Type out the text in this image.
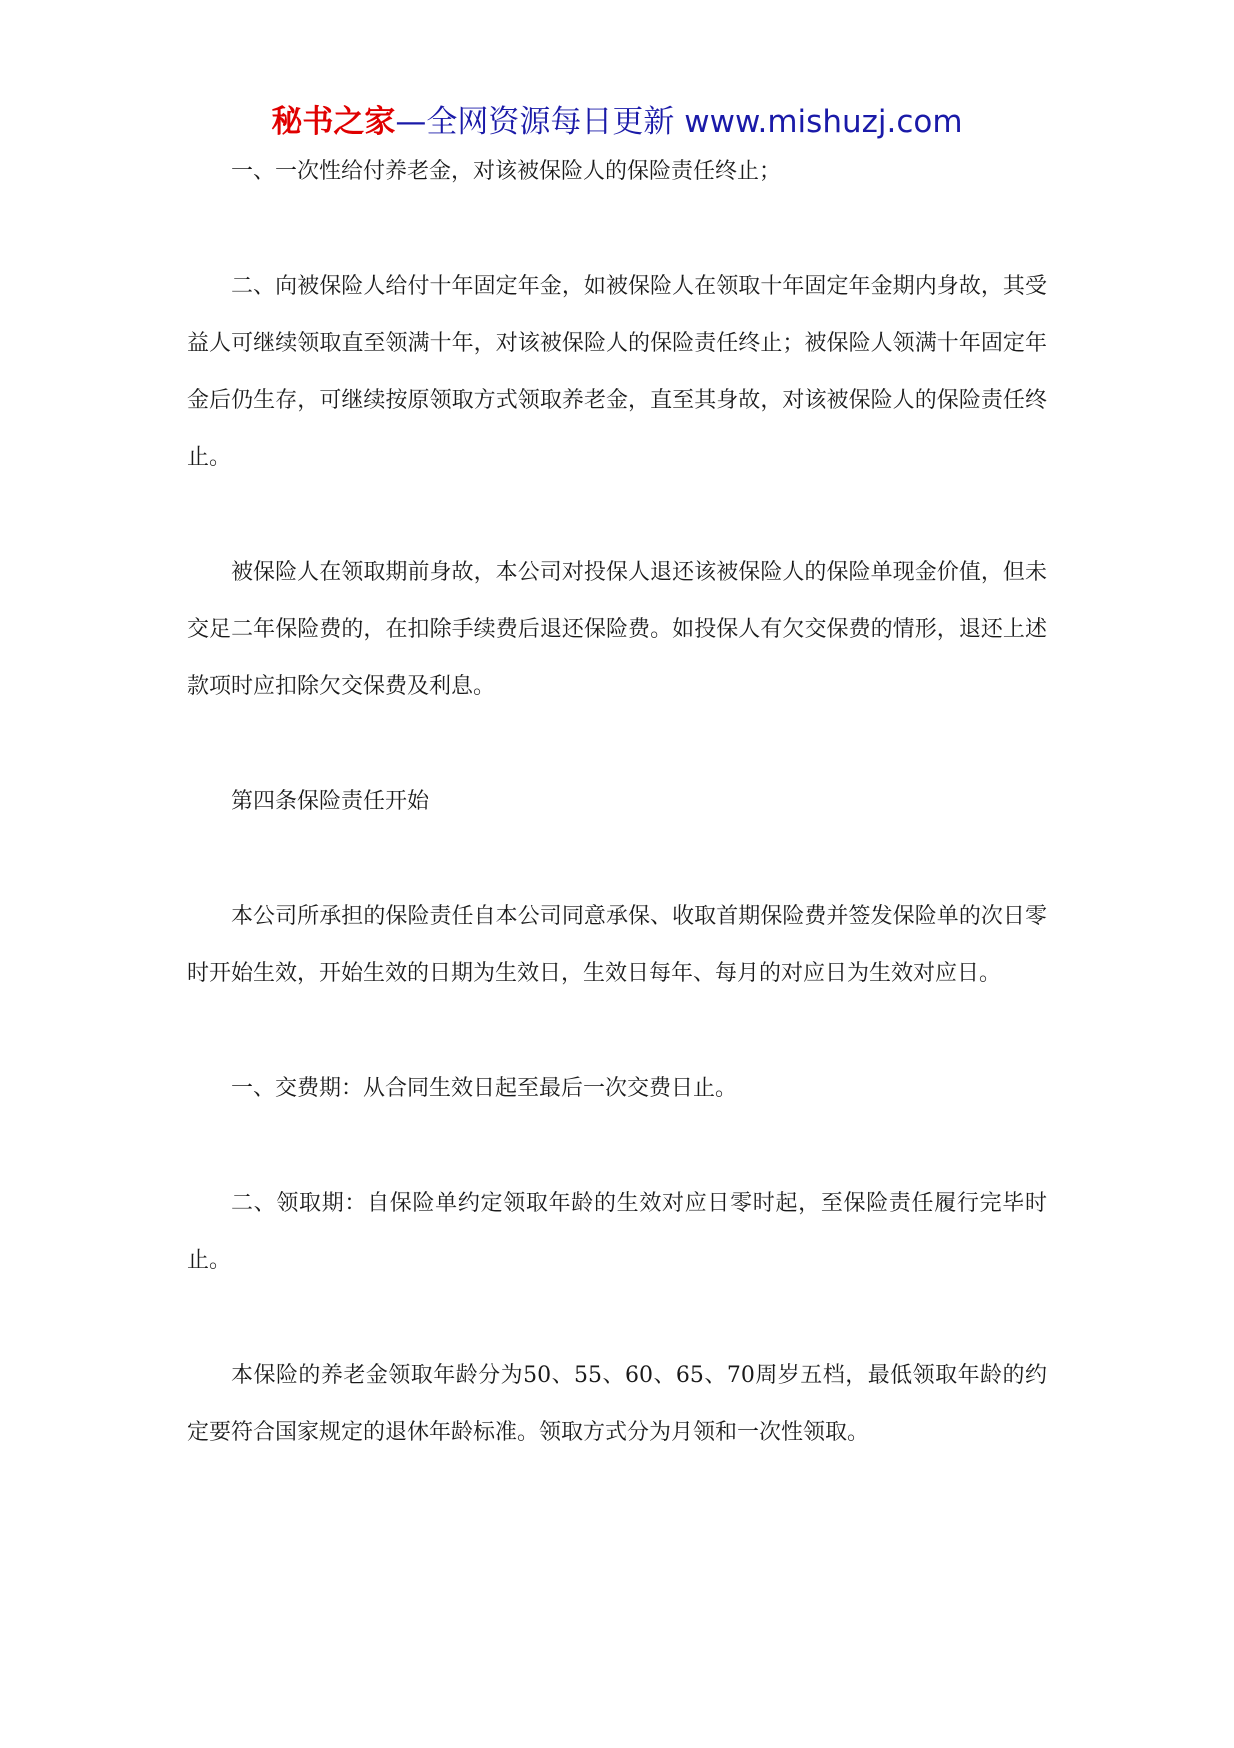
秘书之家—全网资源每日更新 www.mishuzj.com

一、一次性给付养老金，对该被保险人的保险责任终止；

二、向被保险人给付十年固定年金，如被保险人在领取十年固定年金期内身故，其受益人可继续领取直至领满十年，对该被保险人的保险责任终止；被保险人领满十年固定年金后仍生存，可继续按原领取方式领取养老金，直至其身故，对该被保险人的保险责任终止。

被保险人在领取期前身故，本公司对投保人退还该被保险人的保险单现金价值，但未交足二年保险费的，在扣除手续费后退还保险费。如投保人有欠交保费的情形，退还上述款项时应扣除欠交保费及利息。

第四条保险责任开始

本公司所承担的保险责任自本公司同意承保、收取首期保险费并签发保险单的次日零时开始生效，开始生效的日期为生效日，生效日每年、每月的对应日为生效对应日。

一、交费期：从合同生效日起至最后一次交费日止。

二、领取期：自保险单约定领取年龄的生效对应日零时起，至保险责任履行完毕时止。

本保险的养老金领取年龄分为50、55、60、65、70周岁五档，最低领取年龄的约定要符合国家规定的退休年龄标准。领取方式分为月领和一次性领取。
